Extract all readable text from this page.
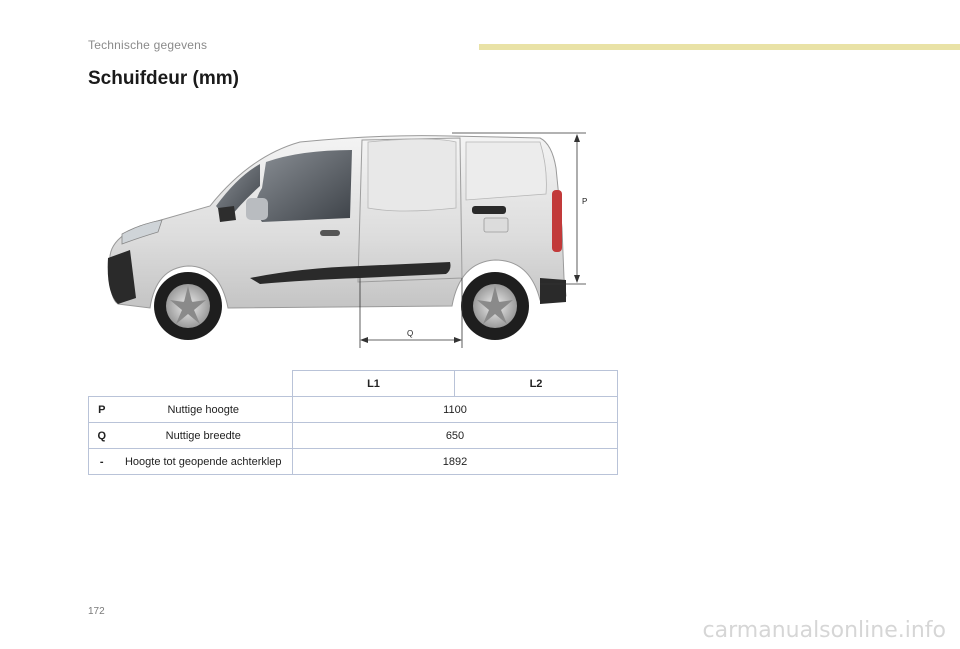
Technische gegevens
Schuifdeur (mm)
P
Q
		L1	L2
P	Nuttige hoogte	1100	
Q	Nuttige breedte	650	
-	Hoogte tot geopende achterklep	1892	
172
carmanualsonline.info
